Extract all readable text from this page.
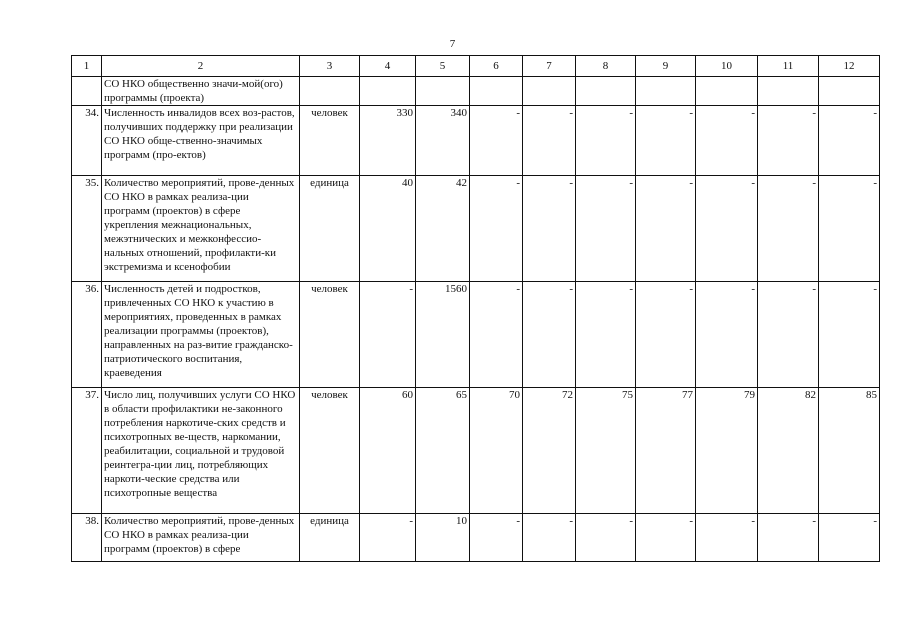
7
1	2	3	4	5	6	7	8	9	10	11	12
	СО НКО общественно значи-мой(ого) программы (проекта)										
34.	Численность инвалидов всех воз-растов, получивших поддержку при реализации СО НКО обще-ственно-значимых программ (про-ектов)	человек	330	340	-	-	-	-	-	-	-
35.	Количество мероприятий, прове-денных СО НКО в рамках реализа-ции программ (проектов) в сфере укрепления межнациональных, межэтнических и межконфессио-нальных отношений, профилакти-ки экстремизма и ксенофобии	единица	40	42	-	-	-	-	-	-	-
36.	Численность детей и подростков, привлеченных СО НКО к участию в мероприятиях, проведенных в рамках реализации программы (проектов), направленных на раз-витие гражданско-патриотического воспитания, краеведения	человек	-	1560	-	-	-	-	-	-	-
37.	Число лиц, получивших услуги СО НКО в области профилактики не-законного потребления наркотиче-ских средств и психотропных ве-ществ, наркомании, реабилитации, социальной и трудовой реинтегра-ции лиц, потребляющих наркоти-ческие средства или психотропные вещества	человек	60	65	70	72	75	77	79	82	85
38.	Количество мероприятий, прове-денных СО НКО в рамках реализа-ции программ (проектов) в сфере	единица	-	10	-	-	-	-	-	-	-
